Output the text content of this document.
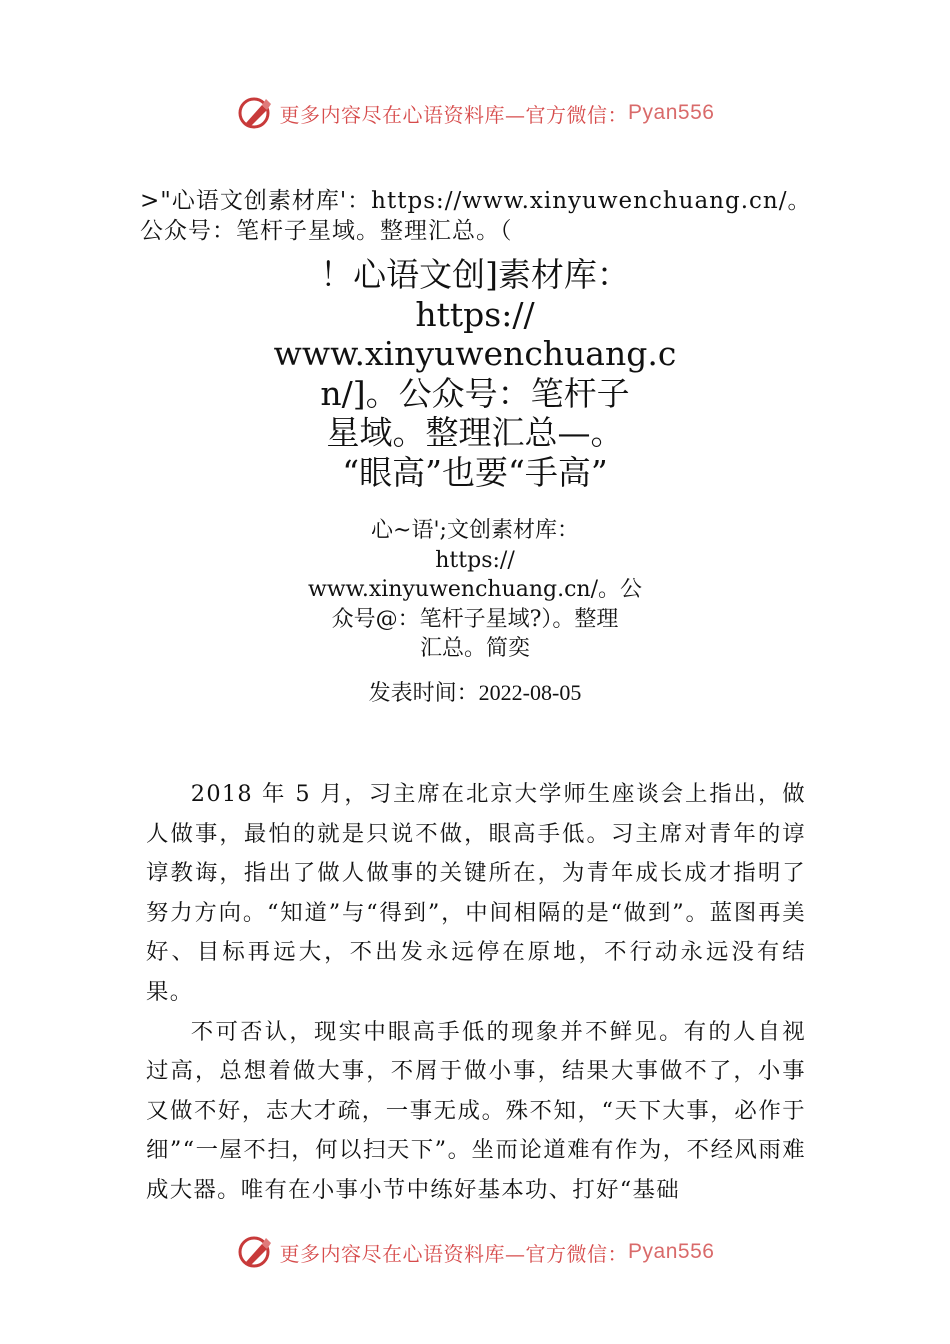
更多内容尽在心语资料库—官方微信： Pyan556
>"心语文创素材库'：https://www.xinyuwenchuang.cn/。公众号：笔杆子星域。整理汇总。（
！心语文创]素材库：
https://
www.xinyuwenchuang.c
n/]。公众号：笔杆子
星域。整理汇总—。
“眼高”也要“手高”
心~语';文创素材库：
https://
www.xinyuwenchuang.cn/。公
众号@：笔杆子星域?）。整理
汇总。简奕
发表时间：2022-08-05

2018 年 5 月，习主席在北京大学师生座谈会上指出，做人做事，最怕的就是只说不做，眼高手低。习主席对青年的谆谆教诲，指出了做人做事的关键所在，为青年成长成才指明了努力方向。“知道”与“得到”，中间相隔的是“做到”。蓝图再美好、目标再远大，不出发永远停在原地，不行动永远没有结果。

不可否认，现实中眼高手低的现象并不鲜见。有的人自视过高，总想着做大事，不屑于做小事，结果大事做不了，小事又做不好，志大才疏，一事无成。殊不知，“天下大事，必作于细”“一屋不扫，何以扫天下”。坐而论道难有作为，不经风雨难成大器。唯有在小事小节中练好基本功、打好“基础

更多内容尽在心语资料库—官方微信： Pyan556
